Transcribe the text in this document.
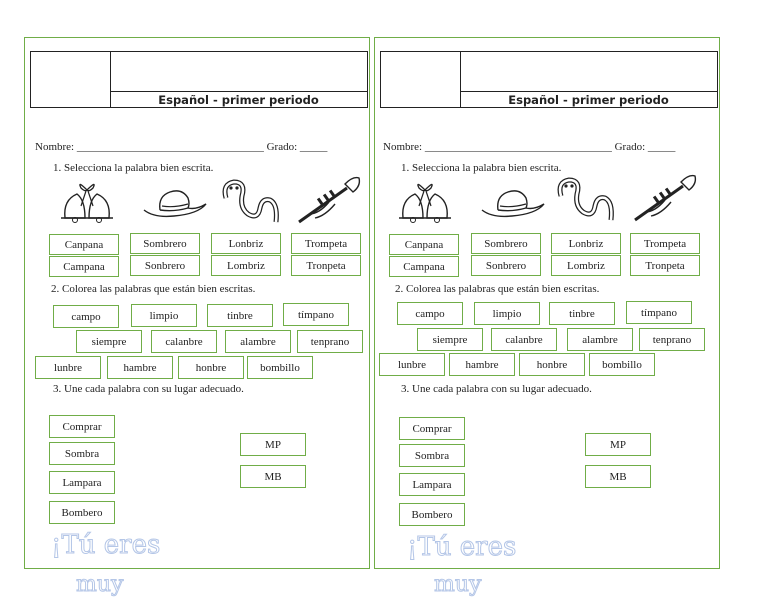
Español - primer periodo
Nombre: __________________________________ Grado: _____
1. Selecciona la palabra bien escrita.
Canpana
Campana
Sombrero
Sonbrero
Lonbriz
Lombriz
Trompeta
Tronpeta
2. Colorea las palabras que están bien escritas.
campo	limpio	tinbre	tímpano
siempre	calanbre	alambre	tenprano
lunbre	hambre	honbre	bombillo
3. Une cada palabra con su lugar adecuado.
Comprar
Sombra
Lampara
Bombero
MP
MB
¡Tú eres
muy
Español - primer periodo
Nombre: __________________________________ Grado: _____
1. Selecciona la palabra bien escrita.
Canpana
Campana
Sombrero
Sonbrero
Lonbriz
Lombriz
Trompeta
Tronpeta
2. Colorea las palabras que están bien escritas.
campo	limpio	tinbre	tímpano
siempre	calanbre	alambre	tenprano
lunbre	hambre	honbre	bombillo
3. Une cada palabra con su lugar adecuado.
Comprar
Sombra
Lampara
Bombero
MP
MB
¡Tú eres
muy
